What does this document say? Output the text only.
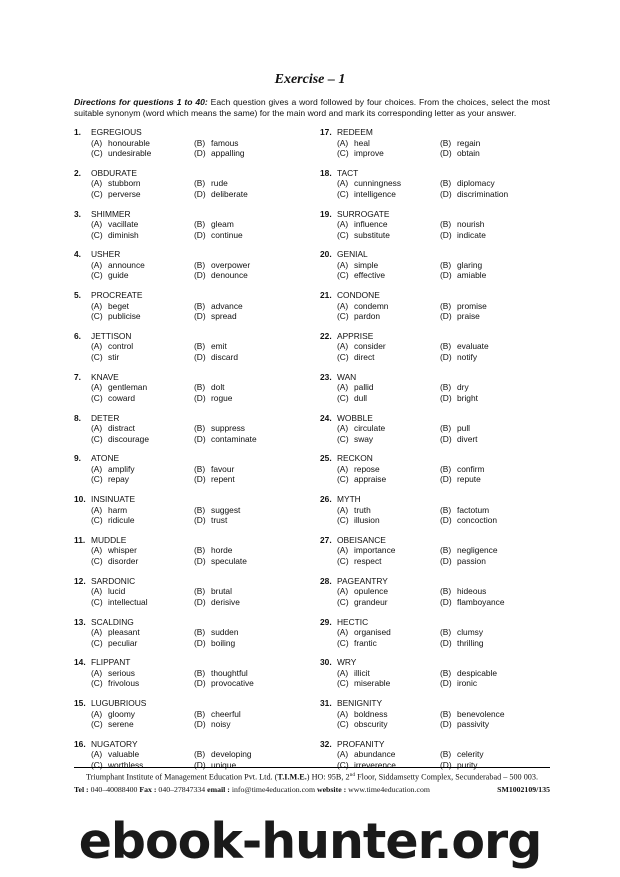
Exercise – 1
Directions for questions 1 to 40: Each question gives a word followed by four choices. From the choices, select the most suitable synonym (word which means the same) for the main word and mark its corresponding letter as your answer.
1. EGREGIOUS
(A) honourable	(B) famous
(C) undesirable	(D) appalling
2. OBDURATE
(A) stubborn	(B) rude
(C) perverse	(D) deliberate
3. SHIMMER
(A) vacillate	(B) gleam
(C) diminish	(D) continue
4. USHER
(A) announce	(B) overpower
(C) guide	(D) denounce
5. PROCREATE
(A) beget	(B) advance
(C) publicise	(D) spread
6. JETTISON
(A) control	(B) emit
(C) stir	(D) discard
7. KNAVE
(A) gentleman	(B) dolt
(C) coward	(D) rogue
8. DETER
(A) distract	(B) suppress
(C) discourage	(D) contaminate
9. ATONE
(A) amplify	(B) favour
(C) repay	(D) repent
10. INSINUATE
(A) harm	(B) suggest
(C) ridicule	(D) trust
11. MUDDLE
(A) whisper	(B) horde
(C) disorder	(D) speculate
12. SARDONIC
(A) lucid	(B) brutal
(C) intellectual	(D) derisive
13. SCALDING
(A) pleasant	(B) sudden
(C) peculiar	(D) boiling
14. FLIPPANT
(A) serious	(B) thoughtful
(C) frivolous	(D) provocative
15. LUGUBRIOUS
(A) gloomy	(B) cheerful
(C) serene	(D) noisy
16. NUGATORY
(A) valuable	(B) developing
(C) worthless	(D) unique
17. REDEEM
(A) heal	(B) regain
(C) improve	(D) obtain
18. TACT
(A) cunningness	(B) diplomacy
(C) intelligence	(D) discrimination
19. SURROGATE
(A) influence	(B) nourish
(C) substitute	(D) indicate
20. GENIAL
(A) simple	(B) glaring
(C) effective	(D) amiable
21. CONDONE
(A) condemn	(B) promise
(C) pardon	(D) praise
22. APPRISE
(A) consider	(B) evaluate
(C) direct	(D) notify
23. WAN
(A) pallid	(B) dry
(C) dull	(D) bright
24. WOBBLE
(A) circulate	(B) pull
(C) sway	(D) divert
25. RECKON
(A) repose	(B) confirm
(C) appraise	(D) repute
26. MYTH
(A) truth	(B) factotum
(C) illusion	(D) concoction
27. OBEISANCE
(A) importance	(B) negligence
(C) respect	(D) passion
28. PAGEANTRY
(A) opulence	(B) hideous
(C) grandeur	(D) flamboyance
29. HECTIC
(A) organised	(B) clumsy
(C) frantic	(D) thrilling
30. WRY
(A) illicit	(B) despicable
(C) miserable	(D) ironic
31. BENIGNITY
(A) boldness	(B) benevolence
(C) obscurity	(D) passivity
32. PROFANITY
(A) abundance	(B) celerity
(C) irreverence	(D) purity
Triumphant Institute of Management Education Pvt. Ltd. (T.I.M.E.) HO: 95B, 2nd Floor, Siddamsetty Complex, Secunderabad – 500 003.
Tel : 040–40088400 Fax : 040–27847334 email : info@time4education.com website : www.time4education.com	SM1002109/135
ebook-hunter.org
